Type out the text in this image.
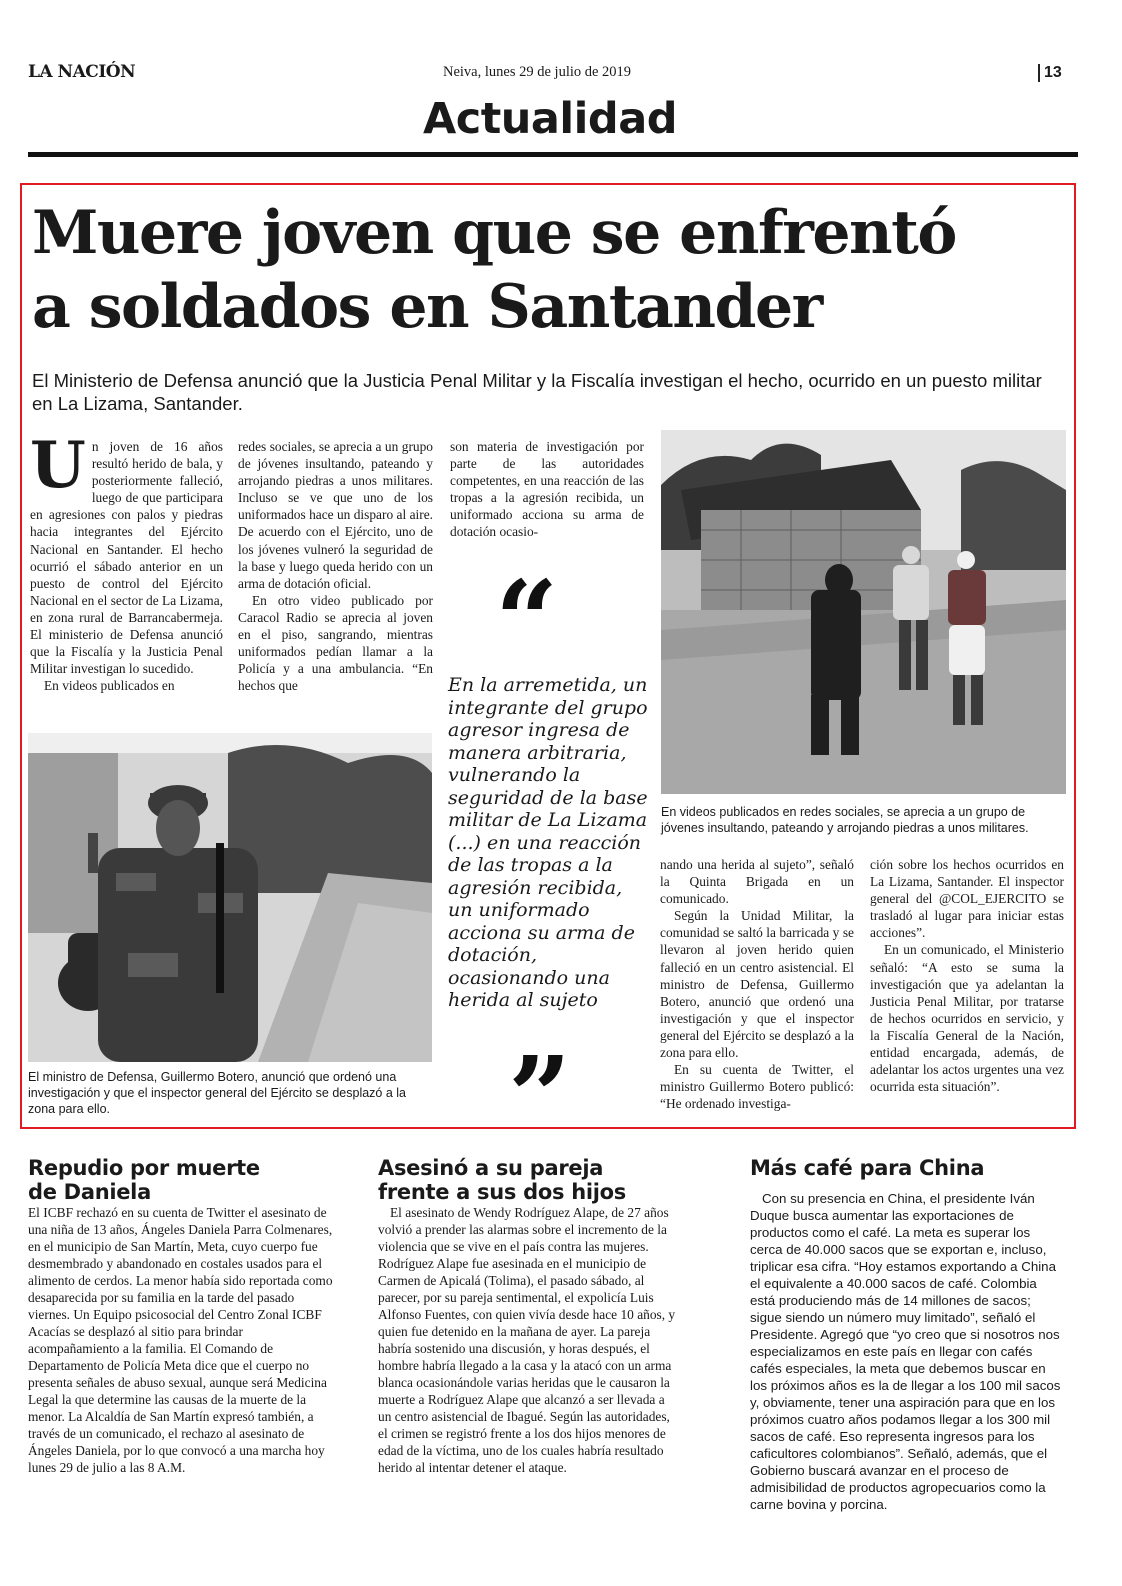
LA NACIÓN	Neiva, lunes 29 de julio de 2019	13
Actualidad
Muere joven que se enfrentó
a soldados en Santander
El Ministerio de Defensa anunció que la Justicia Penal Militar y la Fiscalía investigan el hecho, ocurrido en un puesto militar en La Lizama, Santander.
U n joven de 16 años resultó herido de bala, y posteriormente falleció, luego de que participara en agresiones con palos y piedras hacia integrantes del Ejército Nacional en Santander. El hecho ocurrió el sábado anterior en un puesto de control del Ejército Nacional en el sector de La Lizama, en zona rural de Barrancabermeja. El ministerio de Defensa anunció que la Fiscalía y la Justicia Penal Militar investigan lo sucedido.

En videos publicados en

redes sociales, se aprecia a un grupo de jóvenes insultando, pateando y arrojando piedras a unos militares. Incluso se ve que uno de los uniformados hace un disparo al aire. De acuerdo con el Ejército, uno de los jóvenes vulneró la seguridad de la base y luego queda herido con un arma de dotación oficial.

En otro video publicado por Caracol Radio se aprecia al joven en el piso, sangrando, mientras uniformados pedían llamar a la Policía y a una ambulancia. “En hechos que

son materia de investigación por parte de las autoridades competentes, en una reacción de las tropas a la agresión recibida, un uniformado acciona su arma de dotación ocasio-

En videos publicados en redes sociales, se aprecia a un grupo de jóvenes insultando, pateando y arrojando piedras a unos militares.
El ministro de Defensa, Guillermo Botero, anunció que ordenó una investigación y que el inspector general del Ejército se desplazó a la zona para ello.
“
En la arremetida, un integrante del grupo agresor ingresa de manera arbitraria, vulnerando la seguridad de la base militar de La Lizama (...) en una reacción de las tropas a la agresión recibida, un uniformado acciona su arma de dotación, ocasionando una herida al sujeto
”

nando una herida al sujeto”, señaló la Quinta Brigada en un comunicado.

Según la Unidad Militar, la comunidad se saltó la barricada y se llevaron al joven herido quien falleció en un centro asistencial. El ministro de Defensa, Guillermo Botero, anunció que ordenó una investigación y que el inspector general del Ejército se desplazó a la zona para ello.

En su cuenta de Twitter, el ministro Guillermo Botero publicó: “He ordenado investiga-

ción sobre los hechos ocurridos en La Lizama, Santander. El inspector general del @COL_EJERCITO se trasladó al lugar para iniciar estas acciones”.

En un comunicado, el Ministerio señaló: “A esto se suma la investigación que ya adelantan la Justicia Penal Militar, por tratarse de hechos ocurridos en servicio, y la Fiscalía General de la Nación, entidad encargada, además, de adelantar los actos urgentes una vez ocurrida esta situación”.

Repudio por muerte
de Daniela

El ICBF rechazó en su cuenta de Twitter el asesinato de una niña de 13 años, Ángeles Daniela Parra Colmenares, en el municipio de San Martín, Meta, cuyo cuerpo fue desmembrado y abandonado en costales usados para el alimento de cerdos. La menor había sido reportada como desaparecida por su familia en la tarde del pasado viernes. Un Equipo psicosocial del Centro Zonal ICBF Acacías se desplazó al sitio para brindar acompañamiento a la familia. El Comando de Departamento de Policía Meta dice que el cuerpo no presenta señales de abuso sexual, aunque será Medicina Legal la que determine las causas de la muerte de la menor. La Alcaldía de San Martín expresó también, a través de un comunicado, el rechazo al asesinato de Ángeles Daniela, por lo que convocó a una marcha hoy lunes 29 de julio a las 8 A.M.

Asesinó a su pareja
frente a sus dos hijos

El asesinato de Wendy Rodríguez Alape, de 27 años volvió a prender las alarmas sobre el incremento de la violencia que se vive en el país contra las mujeres. Rodríguez Alape fue asesinada en el municipio de Carmen de Apicalá (Tolima), el pasado sábado, al parecer, por su pareja sentimental, el expolicía Luis Alfonso Fuentes, con quien vivía desde hace 10 años, y quien fue detenido en la mañana de ayer. La pareja habría sostenido una discusión, y horas después, el hombre habría llegado a la casa y la atacó con un arma blanca ocasionándole varias heridas que le causaron la muerte a Rodríguez Alape que alcanzó a ser llevada a un centro asistencial de Ibagué. Según las autoridades, el crimen se registró frente a los dos hijos menores de edad de la víctima, uno de los cuales habría resultado herido al intentar detener el ataque.

Más café para China

Con su presencia en China, el presidente Iván Duque busca aumentar las exportaciones de productos como el café. La meta es superar los cerca de 40.000 sacos que se exportan e, incluso, triplicar esa cifra. “Hoy estamos exportando a China el equivalente a 40.000 sacos de café. Colombia está produciendo más de 14 millones de sacos; sigue siendo un número muy limitado”, señaló el Presidente. Agregó que “yo creo que si nosotros nos especializamos en este país en llegar con cafés cafés especiales, la meta que debemos buscar en los próximos años es la de llegar a los 100 mil sacos y, obviamente, tener una aspiración para que en los próximos cuatro años podamos llegar a los 300 mil sacos de café. Eso representa ingresos para los caficultores colombianos”. Señaló, además, que el Gobierno buscará avanzar en el proceso de admisibilidad de productos agropecuarios como la carne bovina y porcina.
